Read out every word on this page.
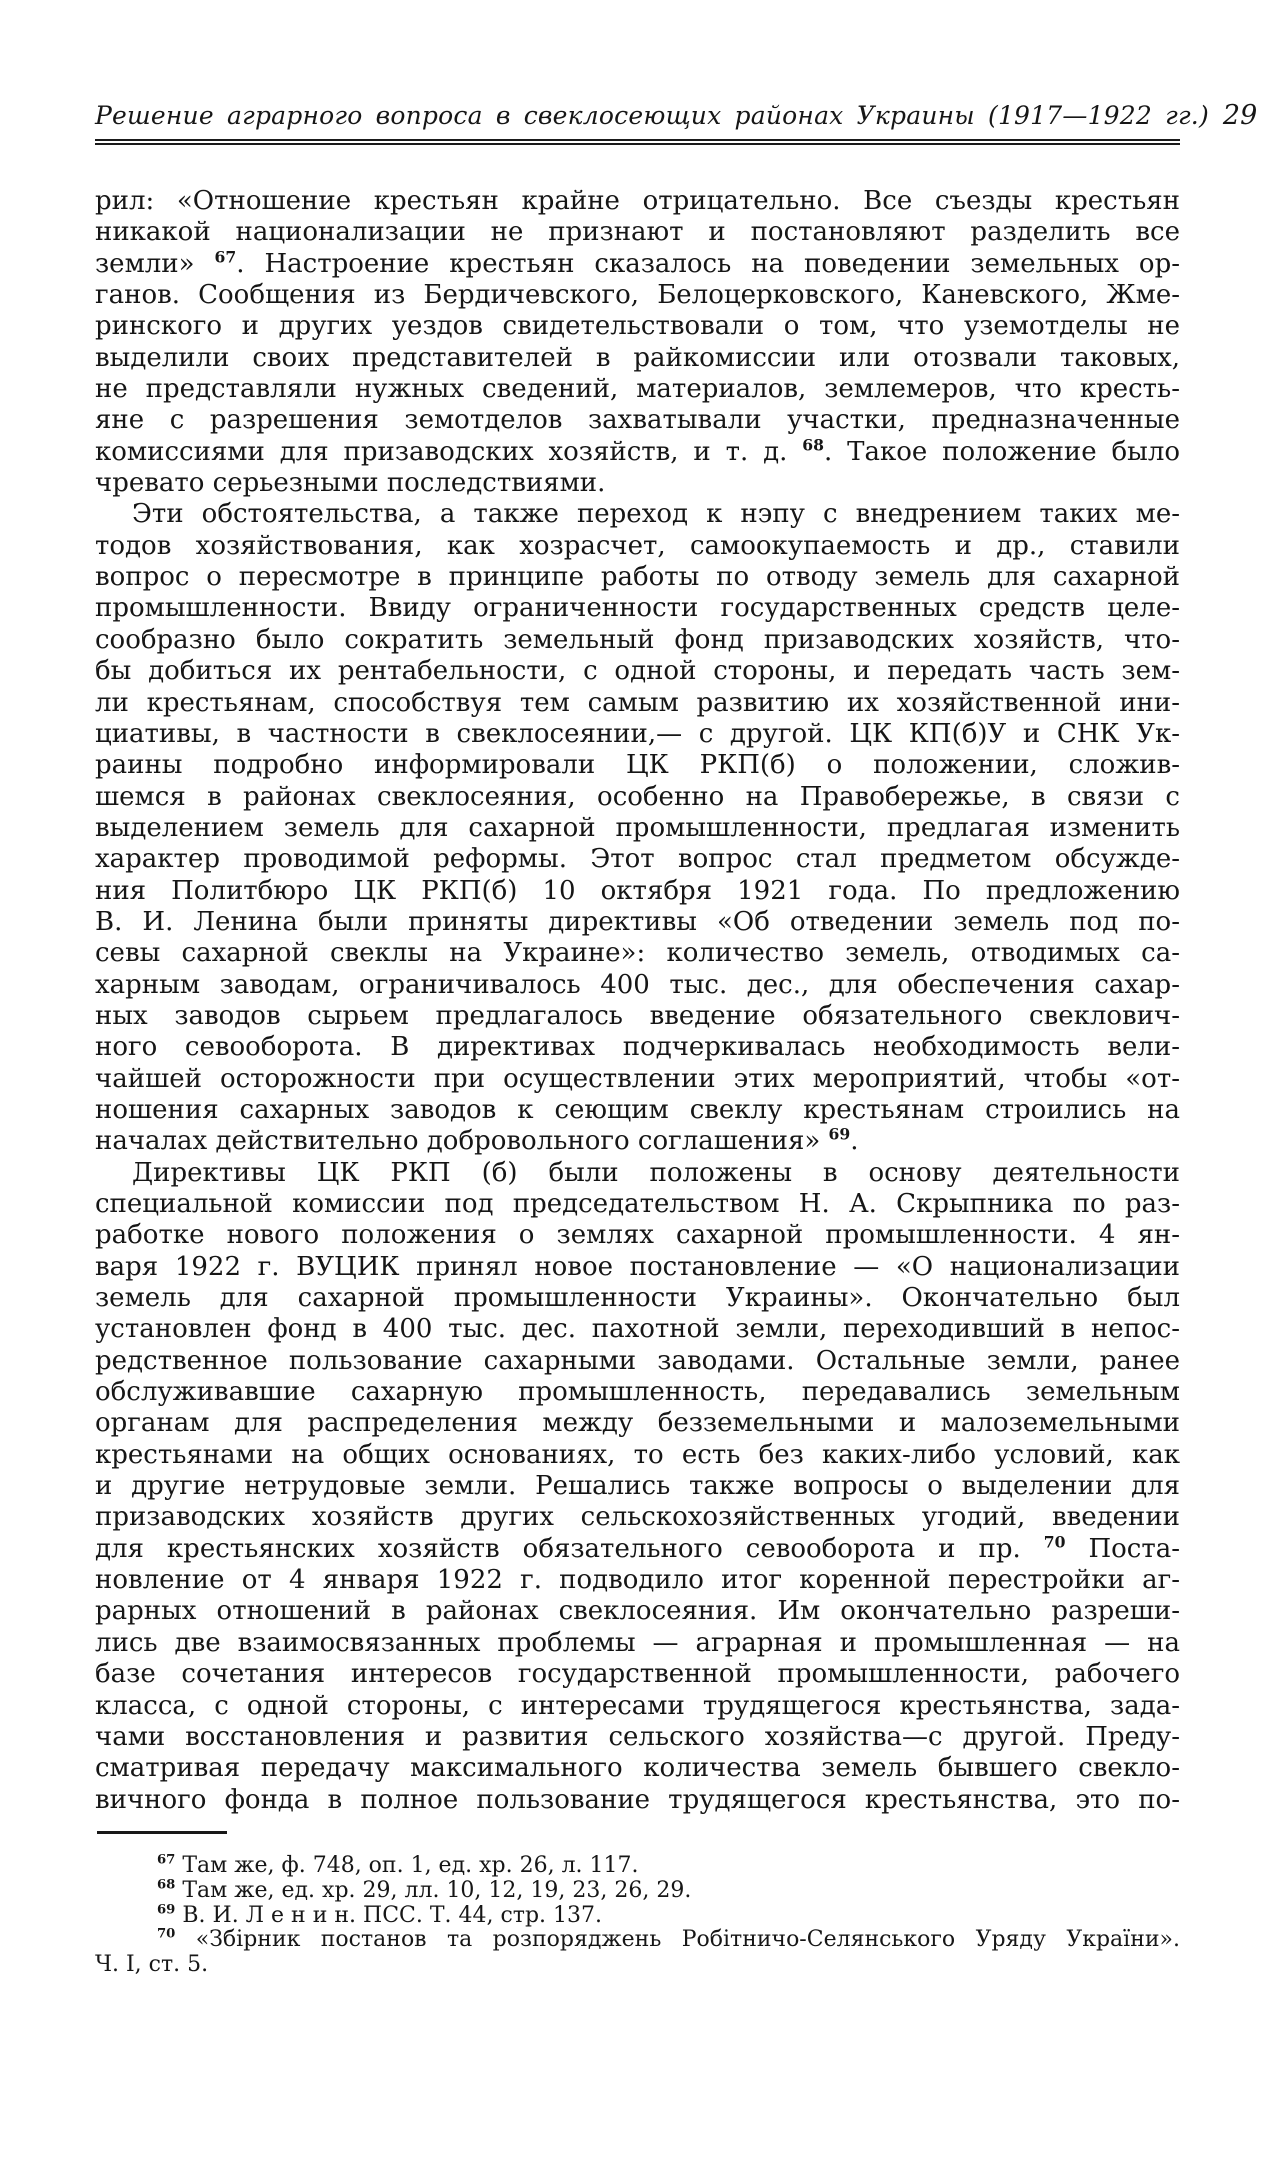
Решение аграрного вопроса в свеклосеющих районах Украины (1917—1922 гг.) 29
рил: «Отношение крестьян крайне отрицательно. Все съезды крестьян
никакой национализации не признают и постановляют разделить все
земли» $^{67}$. Настроение крестьян сказалось на поведении земельных ор-
ганов. Сообщения из Бердичевского, Белоцерковского, Каневского, Жме-
ринского и других уездов свидетельствовали о том, что уземотделы не
выделили своих представителей в райкомиссии или отозвали таковых,
не представляли нужных сведений, материалов, землемеров, что кресть-
яне с разрешения земотделов захватывали участки, предназначенные
комиссиями для призаводских хозяйств, и т. д. $^{68}$. Такое положение было
чревато серьезными последствиями.
Эти обстоятельства, а также переход к нэпу с внедрением таких ме-
тодов хозяйствования, как хозрасчет, самоокупаемость и др., ставили
вопрос о пересмотре в принципе работы по отводу земель для сахарной
промышленности. Ввиду ограниченности государственных средств целе-
сообразно было сократить земельный фонд призаводских хозяйств, что-
бы добиться их рентабельности, с одной стороны, и передать часть зем-
ли крестьянам, способствуя тем самым развитию их хозяйственной ини-
циативы, в частности в свеклосеянии,— с другой. ЦК КП(б)У и СНК Ук-
раины подробно информировали ЦК РКП(б) о положении, сложив-
шемся в районах свеклосеяния, особенно на Правобережье, в связи с
выделением земель для сахарной промышленности, предлагая изменить
характер проводимой реформы. Этот вопрос стал предметом обсужде-
ния Политбюро ЦК РКП(б) 10 октября 1921 года. По предложению
В. И. Ленина были приняты директивы «Об отведении земель под по-
севы сахарной свеклы на Украине»: количество земель, отводимых са-
харным заводам, ограничивалось 400 тыс. дес., для обеспечения сахар-
ных заводов сырьем предлагалось введение обязательного свеклович-
ного севооборота. В директивах подчеркивалась необходимость вели-
чайшей осторожности при осуществлении этих мероприятий, чтобы «от-
ношения сахарных заводов к сеющим свеклу крестьянам строились на
началах действительно добровольного соглашения» $^{69}$.
Директивы ЦК РКП (б) были положены в основу деятельности
специальной комиссии под председательством Н. А. Скрыпника по раз-
работке нового положения о землях сахарной промышленности. 4 ян-
варя 1922 г. ВУЦИК принял новое постановление — «О национализации
земель для сахарной промышленности Украины». Окончательно был
установлен фонд в 400 тыс. дес. пахотной земли, переходивший в непос-
редственное пользование сахарными заводами. Остальные земли, ранее
обслуживавшие сахарную промышленность, передавались земельным
органам для распределения между безземельными и малоземельными
крестьянами на общих основаниях, то есть без каких-либо условий, как
и другие нетрудовые земли. Решались также вопросы о выделении для
призаводских хозяйств других сельскохозяйственных угодий, введении
для крестьянских хозяйств обязательного севооборота и пр. $^{70}$ Поста-
новление от 4 января 1922 г. подводило итог коренной перестройки аг-
рарных отношений в районах свеклосеяния. Им окончательно разреши-
лись две взаимосвязанных проблемы — аграрная и промышленная — на
базе сочетания интересов государственной промышленности, рабочего
класса, с одной стороны, с интересами трудящегося крестьянства, зада-
чами восстановления и развития сельского хозяйства—с другой. Преду-
сматривая передачу максимального количества земель бывшего свекло-
вичного фонда в полное пользование трудящегося крестьянства, это по-
$^{67}$ Там же, ф. 748, оп. 1, ед. хр. 26, л. 117.
$^{68}$ Там же, ед. хр. 29, лл. 10, 12, 19, 23, 26, 29.
$^{69}$ В. И. Л е н и н. ПСС. Т. 44, стр. 137.
$^{70}$ «Збірник постанов та розпоряджень Робітничо-Селянського Уряду України».
Ч. I, ст. 5.
